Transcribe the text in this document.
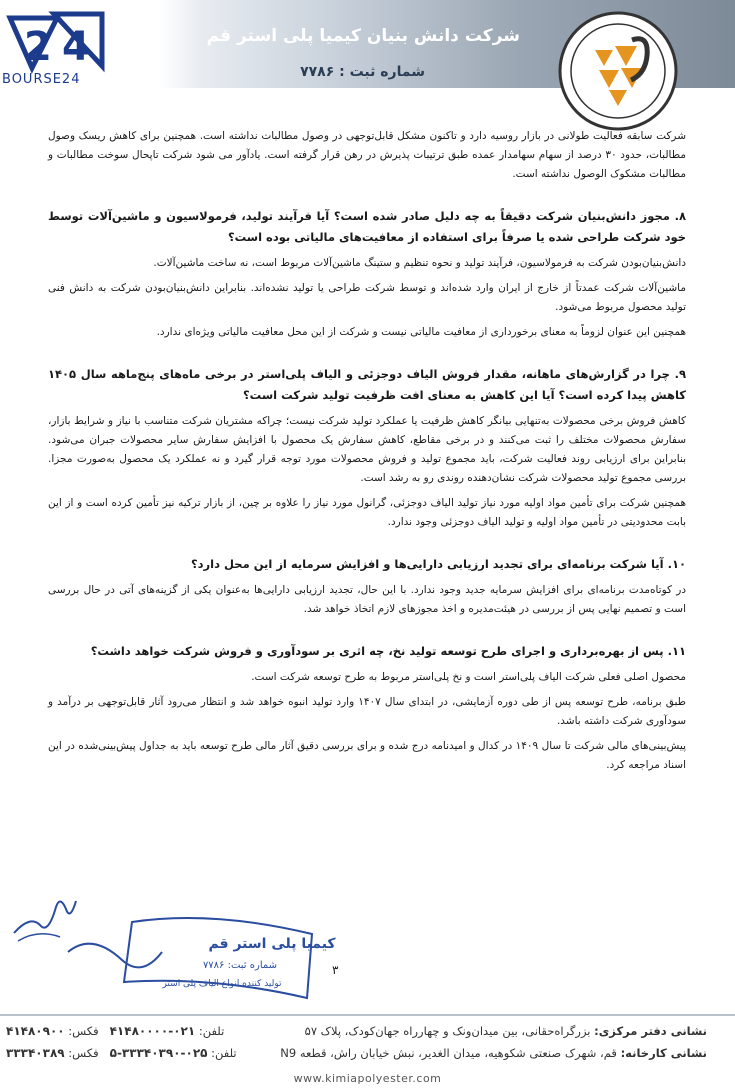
2 4
BOURSE24
شرکت دانش بنیان کیمیا پلی استر قم
شماره ثبت : ۷۷۸۶

شرکت سابقه فعالیت طولانی در بازار روسیه دارد و تاکنون مشکل قابل‌توجهی در وصول مطالبات نداشته است. همچنین برای کاهش ریسک وصول مطالبات، حدود ۳۰ درصد از سهام سهامدار عمده طبق ترتیبات پذیرش در رهن قرار گرفته است. یادآور می شود شرکت تاپحال سوخت مطالبات و مطالبات مشکوک الوصول نداشته است.

۸. مجوز دانش‌بنیان شرکت دقیقاً به چه دلیل صادر شده است؟ آیا فرآیند تولید، فرمولاسیون و ماشین‌آلات توسط خود شرکت طراحی شده یا صرفاً برای استفاده از معافیت‌های مالیاتی بوده است؟

دانش‌بنیان‌بودن شرکت به فرمولاسیون، فرآیند تولید و نحوه تنظیم و ستینگ ماشین‌آلات مربوط است، نه ساخت ماشین‌آلات.

ماشین‌آلات شرکت عمدتاً از خارج از ایران وارد شده‌اند و توسط شرکت طراحی یا تولید نشده‌اند. بنابراین دانش‌بنیان‌بودن شرکت به دانش فنی تولید محصول مربوط می‌شود.

همچنین این عنوان لزوماً به معنای برخورداری از معافیت مالیاتی نیست و شرکت از این محل معافیت مالیاتی ویژه‌ای ندارد.

۹. چرا در گزارش‌های ماهانه، مقدار فروش الیاف دوجزئی و الیاف پلی‌استر در برخی ماه‌های پنج‌ماهه سال ۱۴۰۵ کاهش پیدا کرده است؟ آیا این کاهش به معنای افت ظرفیت تولید شرکت است؟

کاهش فروش برخی محصولات به‌تنهایی بیانگر کاهش ظرفیت یا عملکرد تولید شرکت نیست؛ چراکه مشتریان شرکت متناسب با نیاز و شرایط بازار، سفارش محصولات مختلف را ثبت می‌کنند و در برخی مقاطع، کاهش سفارش یک محصول با افزایش سفارش سایر محصولات جبران می‌شود. بنابراین برای ارزیابی روند فعالیت شرکت، باید مجموع تولید و فروش محصولات مورد توجه قرار گیرد و نه عملکرد یک محصول به‌صورت مجزا. بررسی مجموع تولید محصولات شرکت نشان‌دهنده روندی رو به رشد است.

همچنین شرکت برای تأمین مواد اولیه مورد نیاز تولید الیاف دوجزئی، گرانول مورد نیاز را علاوه بر چین، از بازار ترکیه نیز تأمین کرده است و از این بابت محدودیتی در تأمین مواد اولیه و تولید الیاف دوجزئی وجود ندارد.

۱۰. آیا شرکت برنامه‌ای برای تجدید ارزیابی دارایی‌ها و افزایش سرمایه از این محل دارد؟

در کوتاه‌مدت برنامه‌ای برای افزایش سرمایه جدید وجود ندارد. با این حال، تجدید ارزیابی دارایی‌ها به‌عنوان یکی از گزینه‌های آتی در حال بررسی است و تصمیم نهایی پس از بررسی در هیئت‌مدیره و اخذ مجوزهای لازم اتخاذ خواهد شد.

۱۱. پس از بهره‌برداری و اجرای طرح توسعه تولید نخ، چه اثری بر سودآوری و فروش شرکت خواهد داشت؟

محصول اصلی فعلی شرکت الیاف پلی‌استر است و نخ پلی‌استر مربوط به طرح توسعه شرکت است.

طبق برنامه، طرح توسعه پس از طی دوره آزمایشی، در ابتدای سال ۱۴۰۷ وارد تولید انبوه خواهد شد و انتظار می‌رود آثار قابل‌توجهی بر درآمد و سودآوری شرکت داشته باشد.

پیش‌بینی‌های مالی شرکت تا سال ۱۴۰۹ در کدال و امیدنامه درج شده و برای بررسی دقیق آثار مالی طرح توسعه باید به جداول پیش‌بینی‌شده در این اسناد مراجعه کرد.

کیمیا پلی استر قم
شماره ثبت: ۷۷۸۶
تولید کننده انواع الیاف پلی استر
۳
نشانی دفتر مرکزی: بزرگراه‌حقانی، بین میدان‌ونک و چهارراه جهان‌کودک، پلاک ۵۷
نشانی کارخانه: قم، شهرک صنعتی شکوهیه، میدان الغدیر، نبش خیابان راش، قطعه N9
تلفن: ۰۲۱-۴۱۴۸۰۰۰۰   فکس: ۴۱۴۸۰۹۰۰
تلفن: ۰۲۵-۳۳۳۴۰۳۹۰-۵   فکس: ۳۳۳۴۰۳۸۹
www.kimiapolyester.com
